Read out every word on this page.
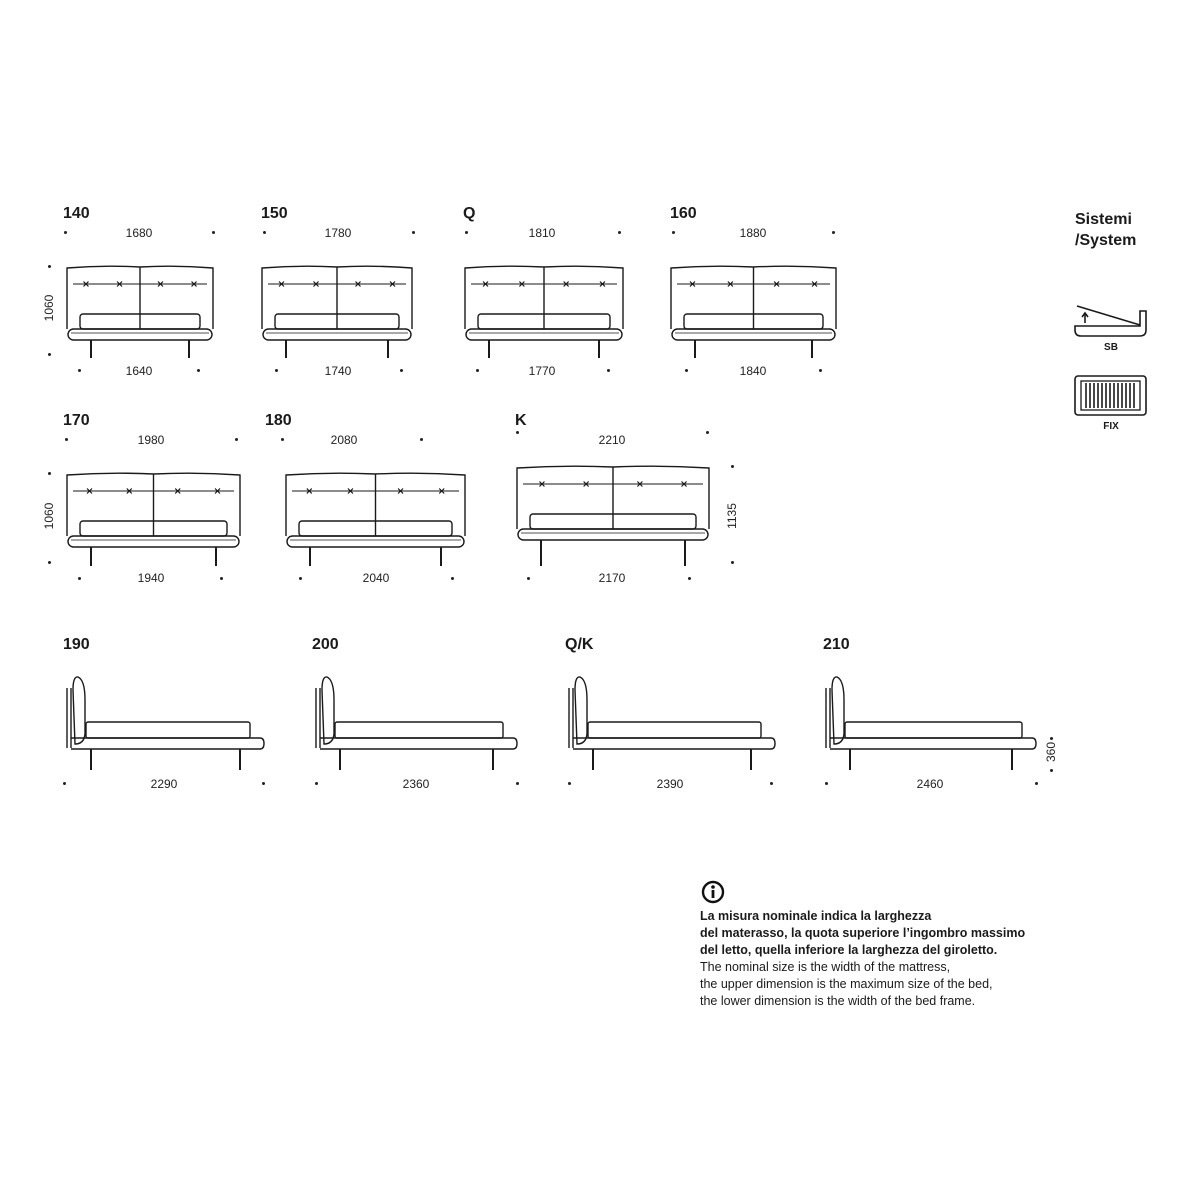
Sistemi
/System
SB
FIX
140
1680
1640
1060
150
1780
1740
Q
1810
1770
160
1880
1840
170
1980
1940
1060
180
2080
2040
K
2210
2170
1135
190
2290
200
2360
Q/K
2390
210
2460
360
La misura nominale indica la larghezza
del materasso, la quota superiore l’ingombro massimo
del letto, quella inferiore la larghezza del giroletto.
The nominal size is the width of the mattress,
the upper dimension is the maximum size of the bed,
the lower dimension is the width of the bed frame.
